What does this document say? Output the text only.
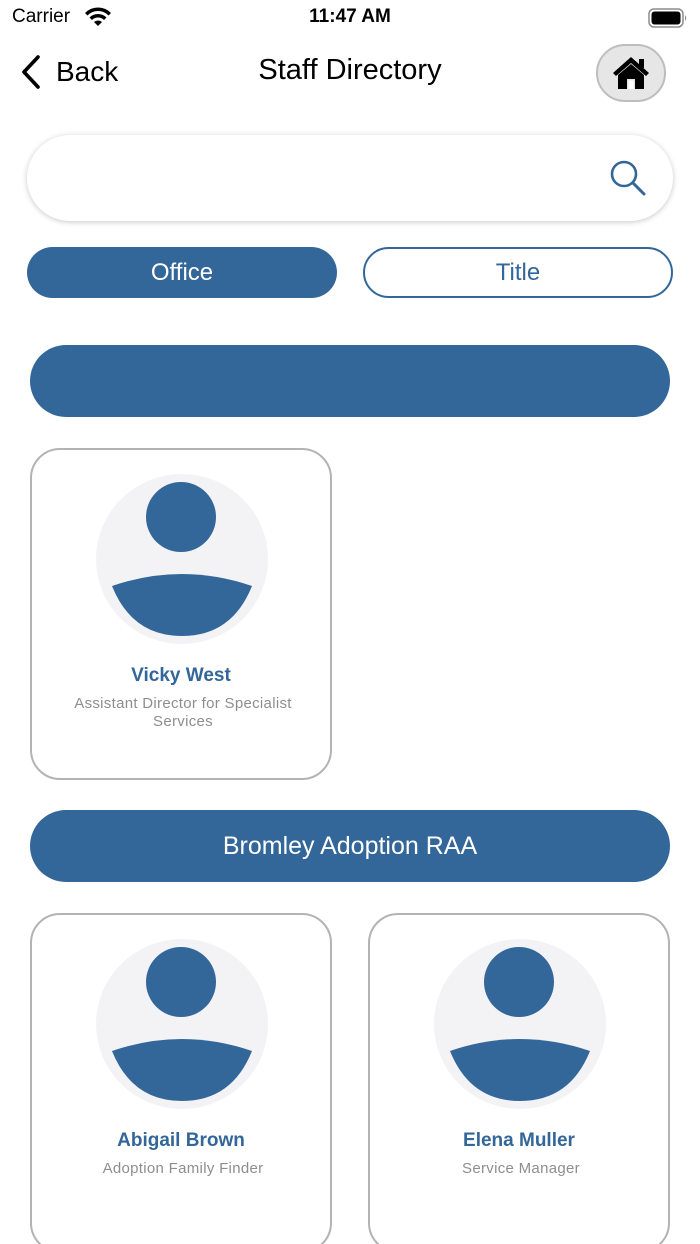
Carrier	11:47 AM
Back	Staff Directory
Office	Title
Vicky West
Assistant Director for Specialist Services
Bromley Adoption RAA
Abigail Brown
Adoption Family Finder
Elena Muller
Service Manager
